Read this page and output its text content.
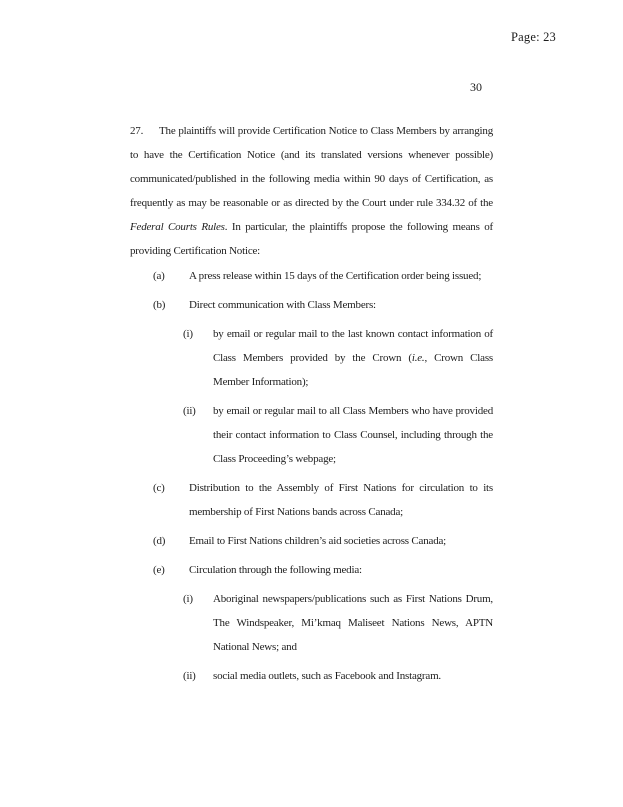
Page: 23
30
27. The plaintiffs will provide Certification Notice to Class Members by arranging to have the Certification Notice (and its translated versions whenever possible) communicated/published in the following media within 90 days of Certification, as frequently as may be reasonable or as directed by the Court under rule 334.32 of the Federal Courts Rules. In particular, the plaintiffs propose the following means of providing Certification Notice:
(a) A press release within 15 days of the Certification order being issued;
(b) Direct communication with Class Members:
(i) by email or regular mail to the last known contact information of Class Members provided by the Crown (i.e., Crown Class Member Information);
(ii) by email or regular mail to all Class Members who have provided their contact information to Class Counsel, including through the Class Proceeding’s webpage;
(c) Distribution to the Assembly of First Nations for circulation to its membership of First Nations bands across Canada;
(d) Email to First Nations children’s aid societies across Canada;
(e) Circulation through the following media:
(i) Aboriginal newspapers/publications such as First Nations Drum, The Windspeaker, Mi’kmaq Maliseet Nations News, APTN National News; and
(ii) social media outlets, such as Facebook and Instagram.
